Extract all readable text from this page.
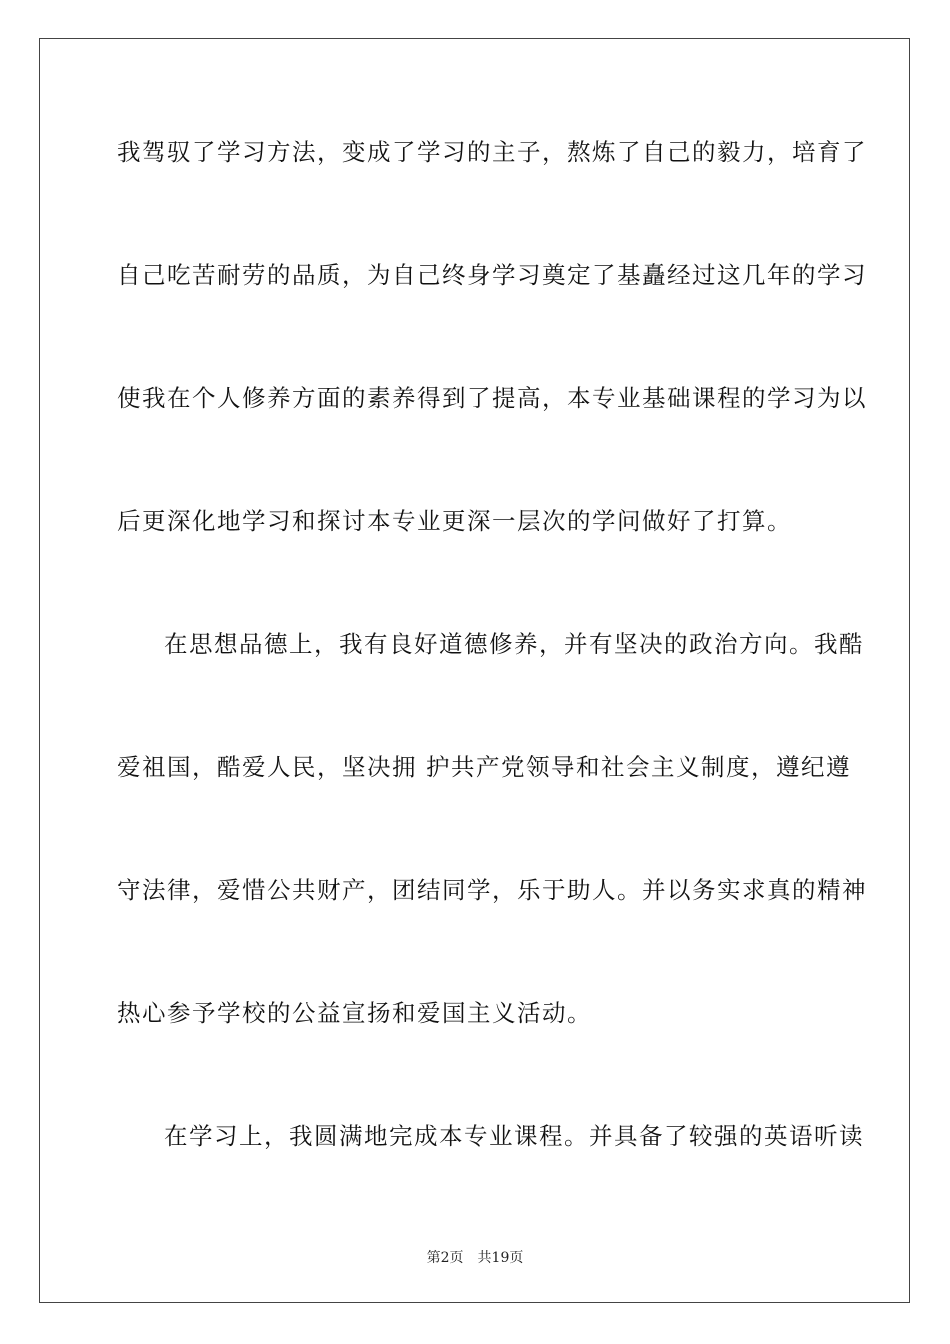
我驾驭了学习方法，变成了学习的主子，熬炼了自己的毅力，培育了
自己吃苦耐劳的品质，为自己终身学习奠定了基矗经过这几年的学习
使我在个人修养方面的素养得到了提高，本专业基础课程的学习为以
后更深化地学习和探讨本专业更深一层次的学问做好了打算。
在思想品德上，我有良好道德修养，并有坚决的政治方向。我酷
爱祖国，酷爱人民，坚决拥 护共产党领导和社会主义制度，遵纪遵
守法律，爱惜公共财产，团结同学，乐于助人。并以务实求真的精神
热心参予学校的公益宣扬和爱国主义活动。
在学习上，我圆满地完成本专业课程。并具备了较强的英语听读
第2页 共19页
